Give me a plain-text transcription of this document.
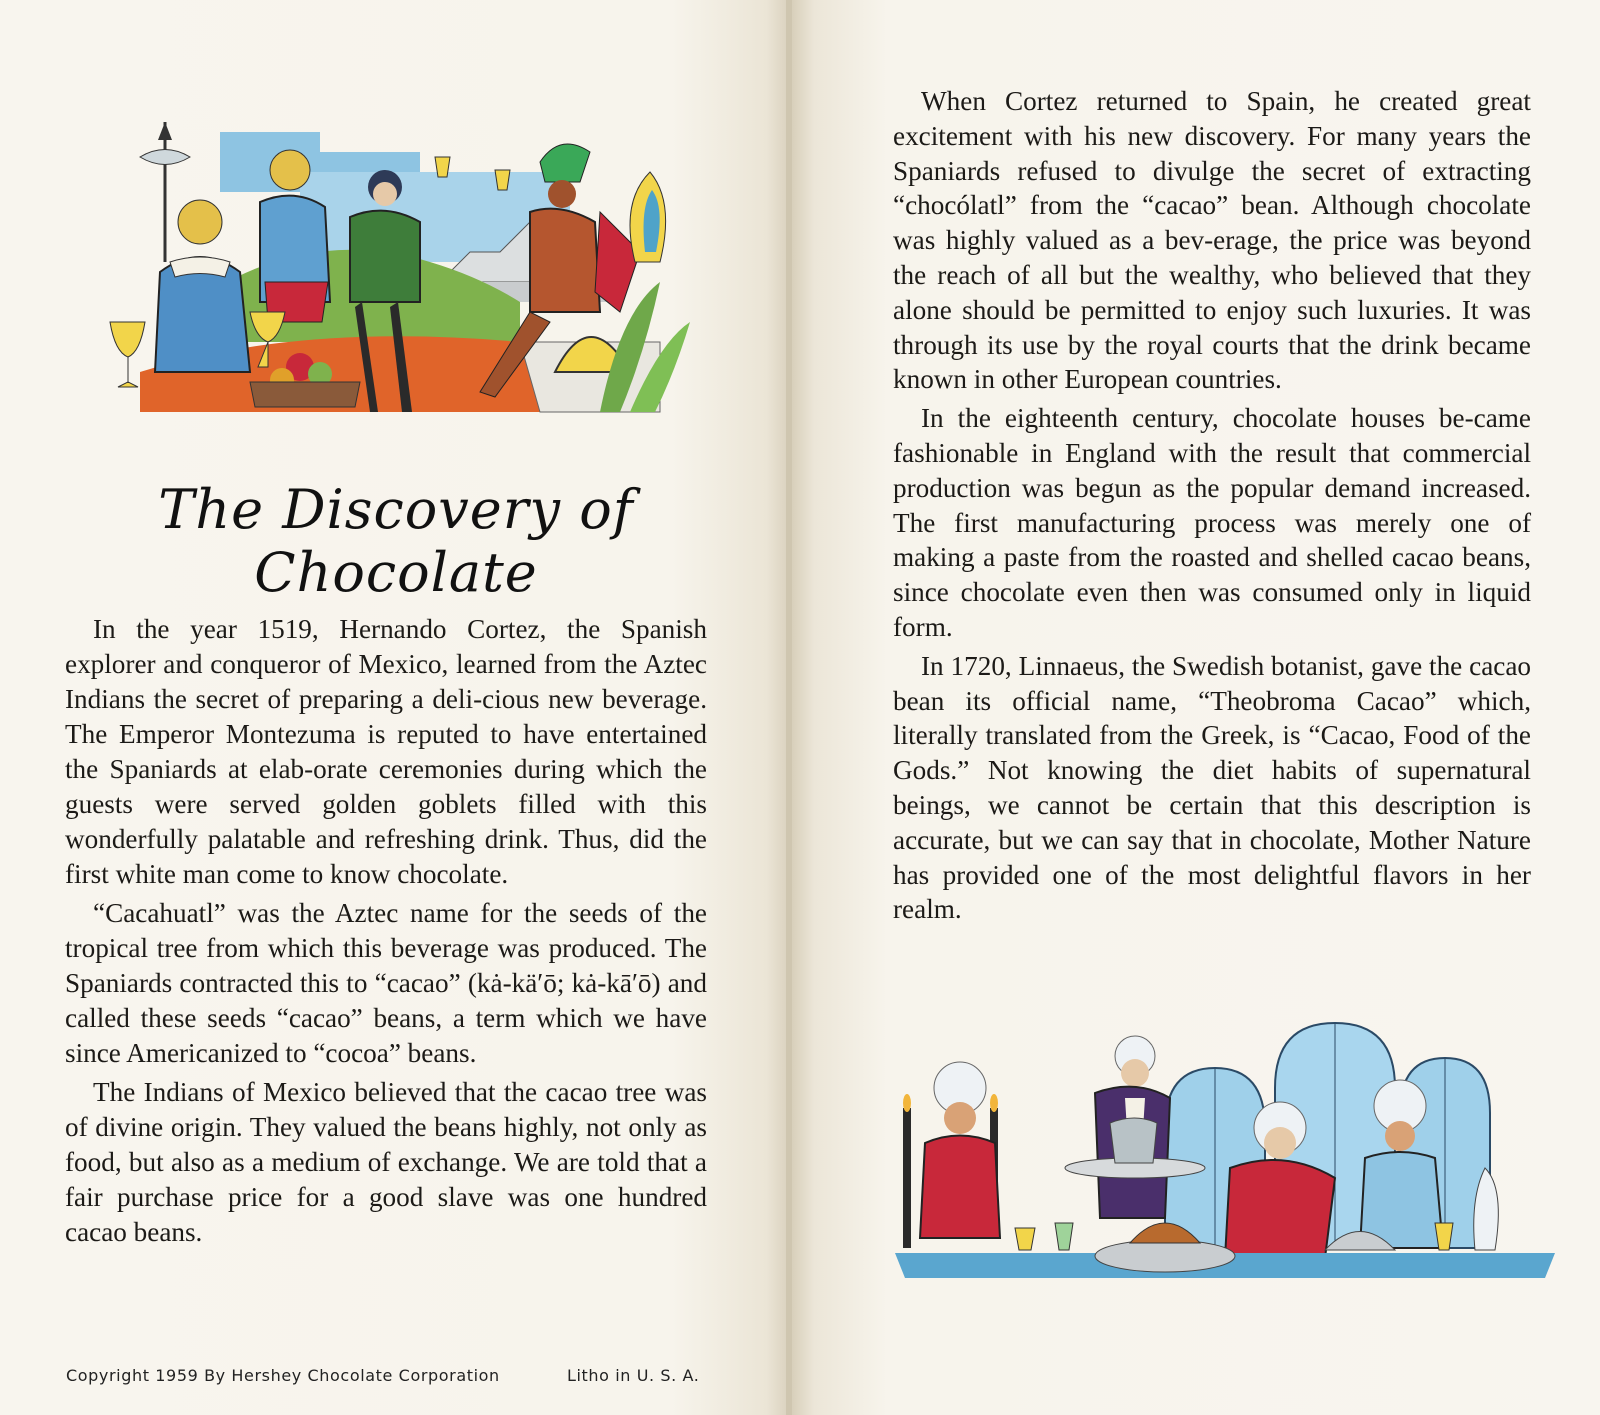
The Discovery of Chocolate

In the year 1519, Hernando Cortez, the Spanish explorer and conqueror of Mexico, learned from the Aztec Indians the secret of preparing a deli-cious new beverage. The Emperor Montezuma is reputed to have entertained the Spaniards at elab-orate ceremonies during which the guests were served golden goblets filled with this wonderfully palatable and refreshing drink. Thus, did the first white man come to know chocolate.

“Cacahuatl” was the Aztec name for the seeds of the tropical tree from which this beverage was produced. The Spaniards contracted this to “cacao” (kȧ-kä′ō; kȧ-kā′ō) and called these seeds “cacao” beans, a term which we have since Americanized to “cocoa” beans.

The Indians of Mexico believed that the cacao tree was of divine origin. They valued the beans highly, not only as food, but also as a medium of exchange. We are told that a fair purchase price for a good slave was one hundred cacao beans.

Copyright 1959 By Hershey Chocolate Corporation	Litho in U. S. A.

When Cortez returned to Spain, he created great excitement with his new discovery. For many years the Spaniards refused to divulge the secret of extracting “chocólatl” from the “cacao” bean. Although chocolate was highly valued as a bev-erage, the price was beyond the reach of all but the wealthy, who believed that they alone should be permitted to enjoy such luxuries. It was through its use by the royal courts that the drink became known in other European countries.

In the eighteenth century, chocolate houses be-came fashionable in England with the result that commercial production was begun as the popular demand increased. The first manufacturing process was merely one of making a paste from the roasted and shelled cacao beans, since chocolate even then was consumed only in liquid form.

In 1720, Linnaeus, the Swedish botanist, gave the cacao bean its official name, “Theobroma Cacao” which, literally translated from the Greek, is “Cacao, Food of the Gods.” Not knowing the diet habits of supernatural beings, we cannot be certain that this description is accurate, but we can say that in chocolate, Mother Nature has provided one of the most delightful flavors in her realm.
